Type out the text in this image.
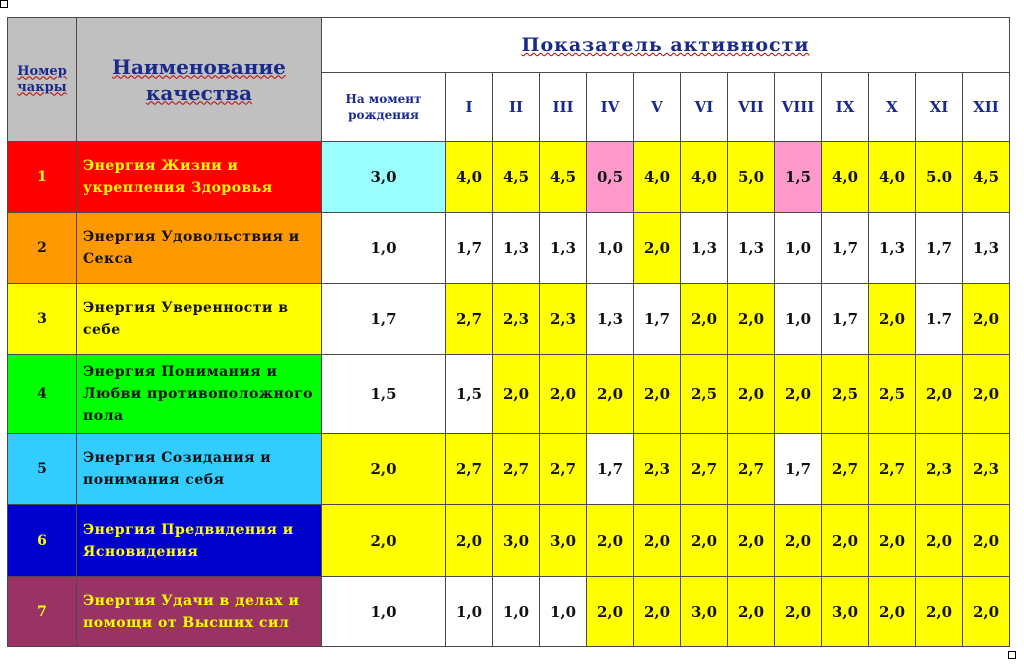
Номер чакры	Наименование качества	Показатель активности												
		На момент рождения	I	II	III	IV	V	VI	VII	VIII	IX	X	XI	XII
1	Энергия Жизни и укрепления Здоровья	3,0	4,0	4,5	4,5	0,5	4,0	4,0	5,0	1,5	4,0	4,0	5.0	4,5
2	Энергия Удовольствия и Секса	1,0	1,7	1,3	1,3	1,0	2,0	1,3	1,3	1,0	1,7	1,3	1,7	1,3
3	Энергия Уверенности в себе	1,7	2,7	2,3	2,3	1,3	1,7	2,0	2,0	1,0	1,7	2,0	1.7	2,0
4	Энергия Понимания и Любви противоположного пола	1,5	1,5	2,0	2,0	2,0	2,0	2,5	2,0	2,0	2,5	2,5	2,0	2,0
5	Энергия Созидания и понимания себя	2,0	2,7	2,7	2,7	1,7	2,3	2,7	2,7	1,7	2,7	2,7	2,3	2,3
6	Энергия Предвидения и Ясновидения	2,0	2,0	3,0	3,0	2,0	2,0	2,0	2,0	2,0	2,0	2,0	2,0	2,0
7	Энергия Удачи в делах и помощи от Высших сил	1,0	1,0	1,0	1,0	2,0	2,0	3,0	2,0	2,0	3,0	2,0	2,0	2,0
